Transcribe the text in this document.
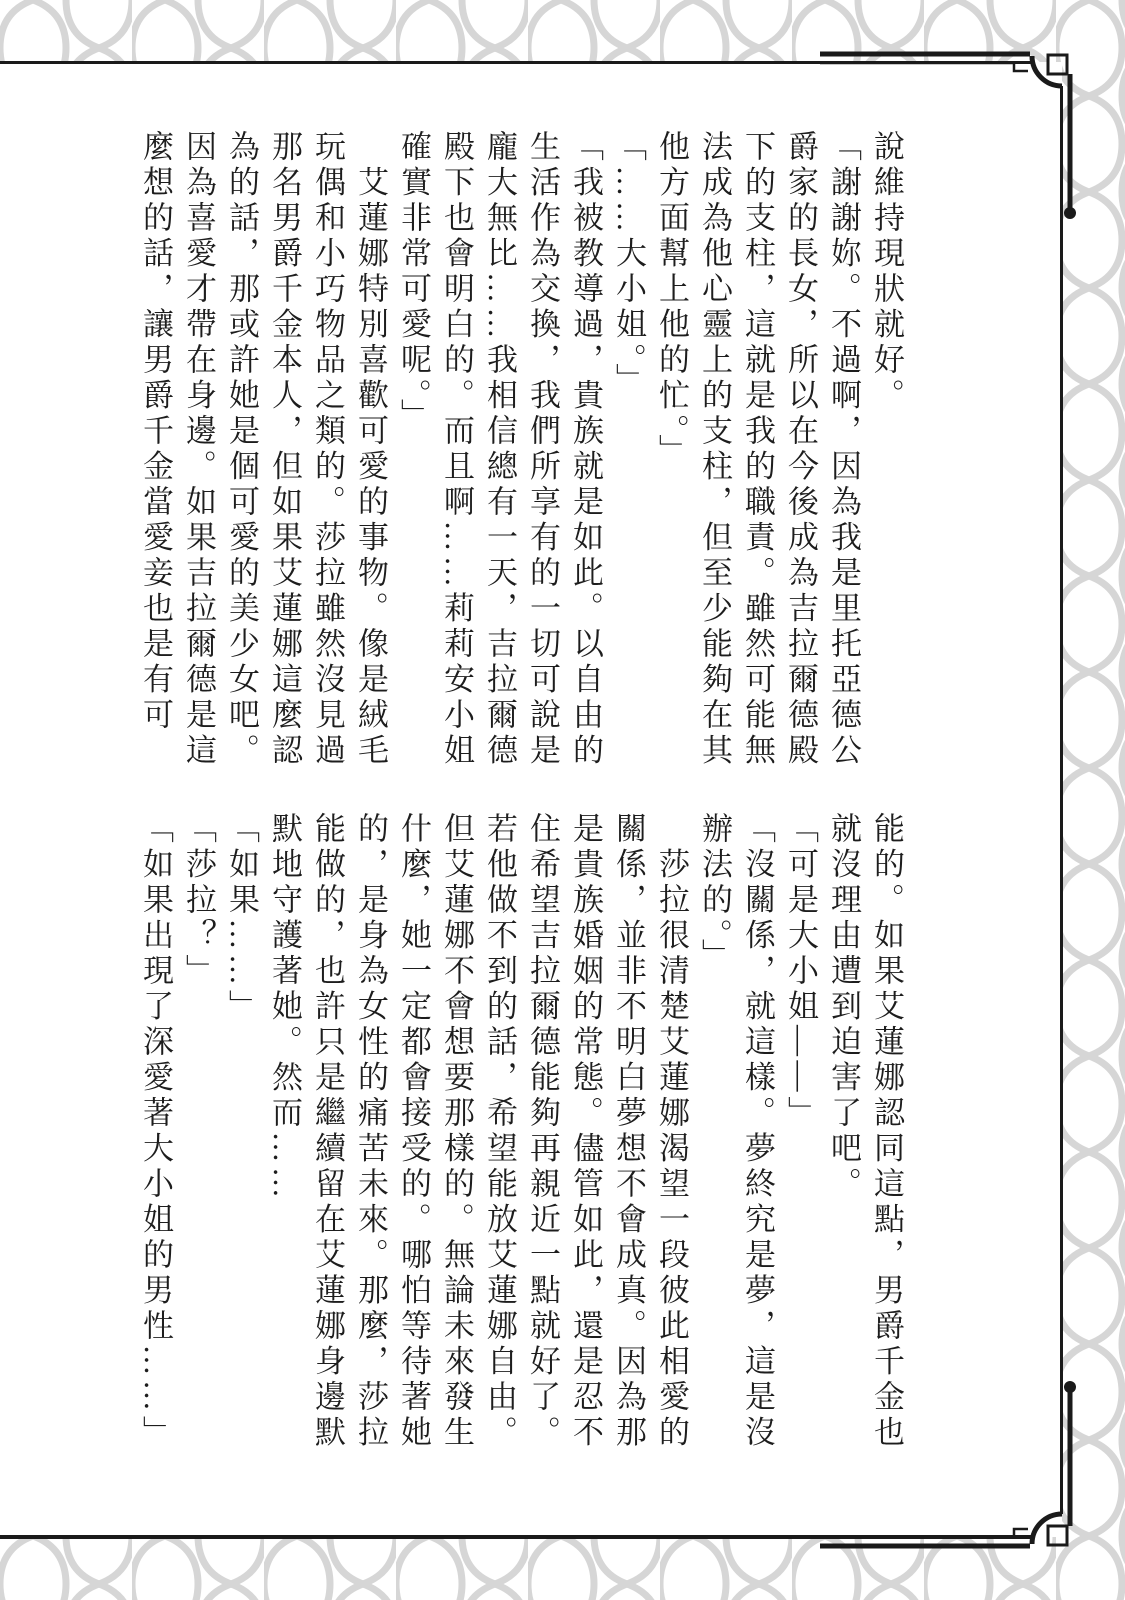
說維持現狀就好。

「謝謝妳。不過啊，因為我是里托亞德公爵家的長女，所以在今後成為吉拉爾德殿下的支柱，這就是我的職責。雖然可能無法成為他心靈上的支柱，但至少能夠在其他方面幫上他的忙。」

「……大小姐。」

「我被教導過，貴族就是如此。以自由的生活作為交換，我們所享有的一切可說是龐大無比……我相信總有一天，吉拉爾德殿下也會明白的。而且啊……莉莉安小姐確實非常可愛呢。」

　艾蓮娜特別喜歡可愛的事物。像是絨毛玩偶和小巧物品之類的。莎拉雖然沒見過那名男爵千金本人，但如果艾蓮娜這麼認為的話，那或許她是個可愛的美少女吧。因為喜愛才帶在身邊。如果吉拉爾德是這麼想的話，讓男爵千金當愛妾也是有可

能的。如果艾蓮娜認同這點，男爵千金也就沒理由遭到迫害了吧。

「可是大小姐——」

「沒關係，就這樣。夢終究是夢，這是沒辦法的。」

　莎拉很清楚艾蓮娜渴望一段彼此相愛的關係，並非不明白夢想不會成真。因為那是貴族婚姻的常態。儘管如此，還是忍不住希望吉拉爾德能夠再親近一點就好了。若他做不到的話，希望能放艾蓮娜自由。但艾蓮娜不會想要那樣的。無論未來發生什麼，她一定都會接受的。哪怕等待著她的，是身為女性的痛苦未來。那麼，莎拉能做的，也許只是繼續留在艾蓮娜身邊默默地守護著她。然而……

「如果……」

「莎拉？」

「如果出現了深愛著大小姐的男性……」
